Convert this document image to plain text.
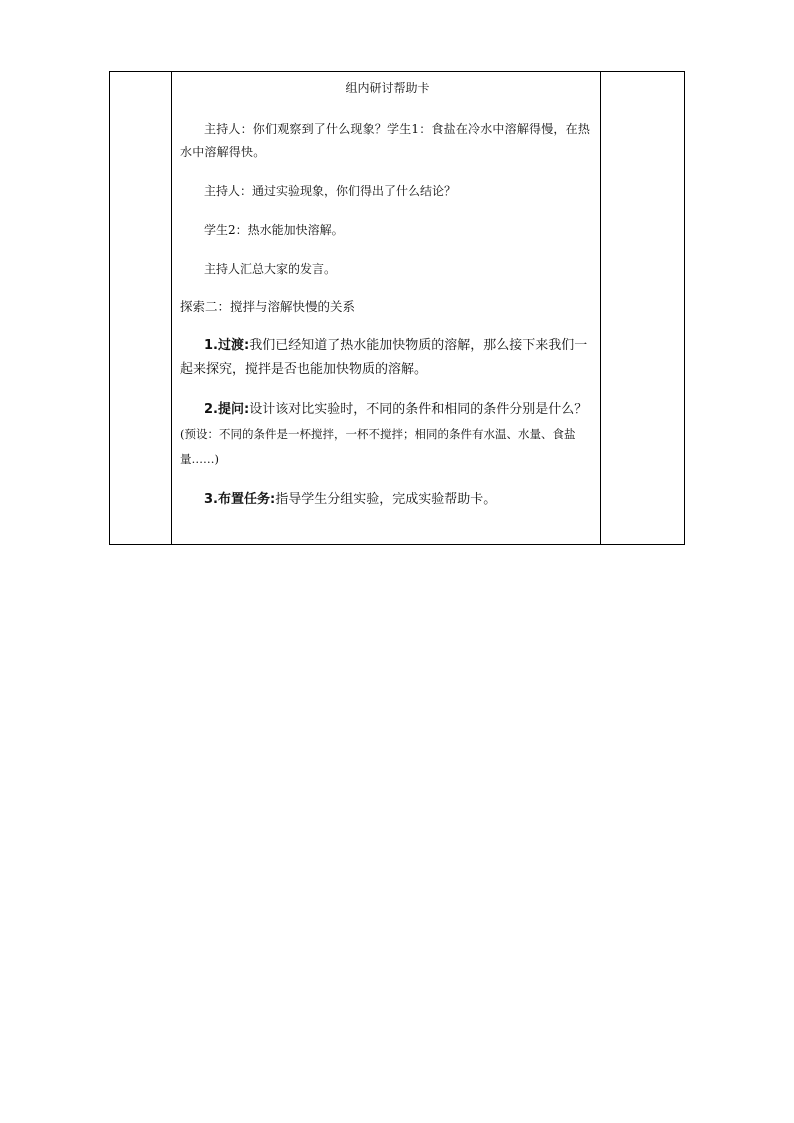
组内研讨帮助卡

主持人：你们观察到了什么现象？学生1：食盐在冷水中溶解得慢，在热水中溶解得快。

主持人：通过实验现象，你们得出了什么结论？

学生2：热水能加快溶解。

主持人汇总大家的发言。

探索二：搅拌与溶解快慢的关系

1.过渡:我们已经知道了热水能加快物质的溶解，那么接下来我们一起来探究，搅拌是否也能加快物质的溶解。

2.提问:设计该对比实验时，不同的条件和相同的条件分别是什么？(预设：不同的条件是一杯搅拌，一杯不搅拌；相同的条件有水温、水量、食盐量……)

3.布置任务:指导学生分组实验，完成实验帮助卡。
